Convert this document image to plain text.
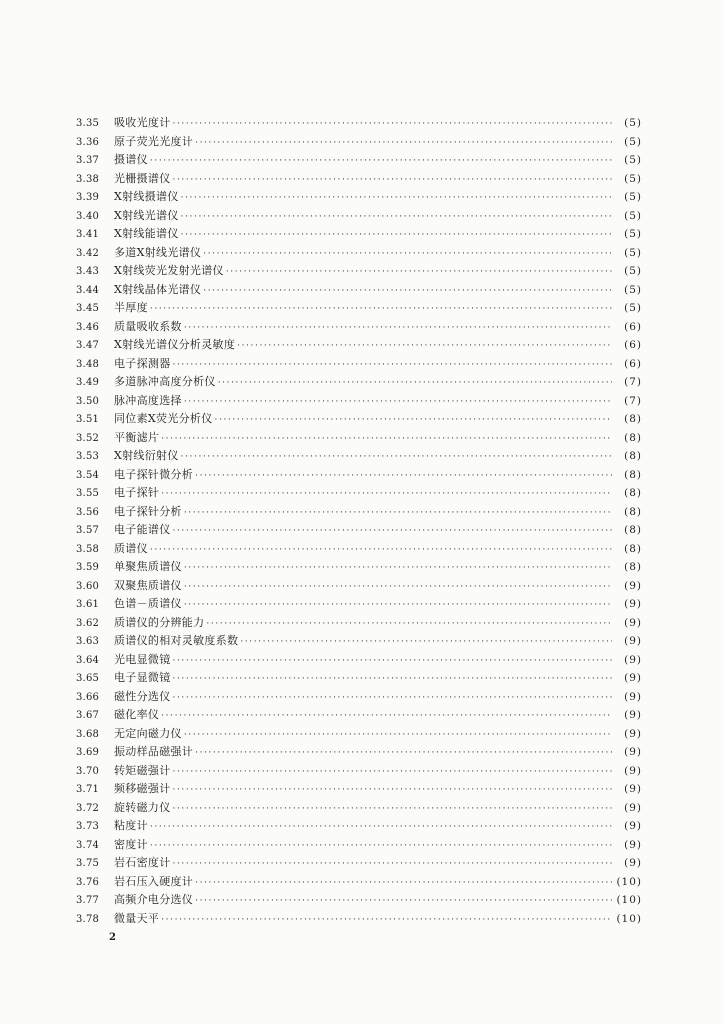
3.35	吸收光度计 ·····	(5)
3.36	原子荧光光度计 ·····	(5)
3.37	摄谱仪 ·····	(5)
3.38	光栅摄谱仪 ·····	(5)
3.39	X射线摄谱仪 ·····	(5)
3.40	X射线光谱仪 ·····	(5)
3.41	X射线能谱仪 ·····	(5)
3.42	多道X射线光谱仪 ·····	(5)
3.43	X射线荧光发射光谱仪 ·····	(5)
3.44	X射线晶体光谱仪 ·····	(5)
3.45	半厚度 ·····	(5)
3.46	质量吸收系数 ·····	(6)
3.47	X射线光谱仪分析灵敏度 ·····	(6)
3.48	电子探测器 ·····	(6)
3.49	多道脉冲高度分析仪 ·····	(7)
3.50	脉冲高度选择 ·····	(7)
3.51	同位素X荧光分析仪 ·····	(8)
3.52	平衡滤片 ·····	(8)
3.53	X射线衍射仪 ·····	(8)
3.54	电子探针微分析 ·····	(8)
3.55	电子探针 ·····	(8)
3.56	电子探针分析 ·····	(8)
3.57	电子能谱仪 ·····	(8)
3.58	质谱仪 ·····	(8)
3.59	单聚焦质谱仪 ·····	(8)
3.60	双聚焦质谱仪 ·····	(9)
3.61	色谱－质谱仪 ·····	(9)
3.62	质谱仪的分辨能力 ·····	(9)
3.63	质谱仪的相对灵敏度系数 ·····	(9)
3.64	光电显微镜 ·····	(9)
3.65	电子显微镜 ·····	(9)
3.66	磁性分选仪 ·····	(9)
3.67	磁化率仪 ·····	(9)
3.68	无定向磁力仪 ·····	(9)
3.69	振动样品磁强计 ·····	(9)
3.70	转矩磁强计 ·····	(9)
3.71	频移磁强计 ·····	(9)
3.72	旋转磁力仪 ·····	(9)
3.73	粘度计 ·····	(9)
3.74	密度计 ·····	(9)
3.75	岩石密度计 ·····	(9)
3.76	岩石压入硬度计 ·····	(10)
3.77	高频介电分选仪 ·····	(10)
3.78	微量天平 ·····	(10)
2
